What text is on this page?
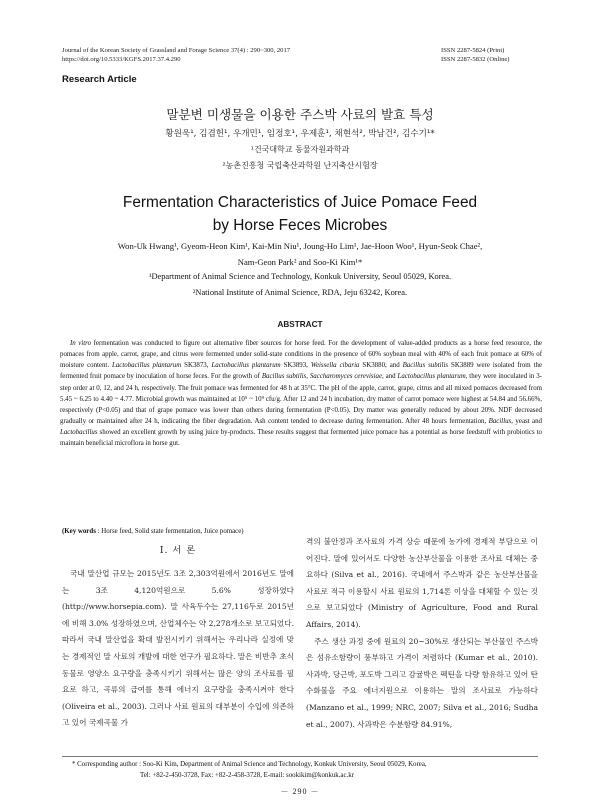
Journal of the Korean Society of Grassland and Forage Science 37(4) : 290~300, 2017
https://doi.org/10.5333/KGFS.2017.37.4.290
ISSN 2287-5824 (Print)
ISSN 2287-5832 (Online)
Research Article
말분변 미생물을 이용한 주스박 사료의 발효 특성
황원욱¹, 김겸헌¹, 우개민¹, 임정호¹, 우제훈¹, 채현석², 박남건², 김수기¹*
¹건국대학교 동물자원과학과
²농촌진흥청 국립축산과학원 난지축산시험장
Fermentation Characteristics of Juice Pomace Feed
by Horse Feces Microbes
Won-Uk Hwang¹, Gyeom-Heon Kim¹, Kai-Min Niu¹, Joung-Ho Lim¹, Jae-Hoon Woo¹, Hyun-Seok Chae²,
Nam-Geon Park² and Soo-Ki Kim¹*
¹Department of Animal Science and Technology, Konkuk University, Seoul 05029, Korea.
²National Institute of Animal Science, RDA, Jeju 63242, Korea.
ABSTRACT

In vitro fermentation was conducted to figure out alternative fiber sources for horse feed. For the development of value-added products as a horse feed resource, the pomaces from apple, carrot, grape, and citrus were fermented under solid-state conditions in the presence of 60% soybean meal with 40% of each fruit pomace at 60% of moisture content. Lactobacillus plantarum SK3873, Lactobacillus plantarum SK3893, Weissella cibaria SK3880, and Bacillus subtilis SK3889 were isolated from the fermented fruit pomace by inoculation of horse feces. For the growth of Bacillus subtilis, Saccharomyces cerevisiae, and Lactobacillus plantarum, they were inoculated in 3-step order at 0, 12, and 24 h, respectively. The fruit pomace was fermented for 48 h at 35°C. The pH of the apple, carrot, grape, citrus and all mixed pomaces decreased from 5.45 ~ 6.25 to 4.40 ~ 4.77. Microbial growth was maintained at 10⁵ ~ 10⁹ cfu/g. After 12 and 24 h incubation, dry matter of carrot pomace were highest at 54.84 and 56.66%, respectively (P<0.05) and that of grape pomace was lower than others during fermentation (P<0.05). Dry matter was generally reduced by about 20%. NDF decreased gradually or maintained after 24 h, indicating the fiber degradation. Ash content tended to decrease during fermentation. After 48 hours fermentation, Bacillus, yeast and Lactobacillus showed an excellent growth by using juice by-products. These results suggest that fermented juice pomace has a potential as horse feedstuff with probiotics to maintain beneficial microflora in horse gut.

(Key words : Horse feed, Solid state fermentation, Juice pomace)
Ⅰ. 서 론

국내 말산업 규모는 2015년도 3조 2,303억원에서 2016년도 말에는 3조 4,120억원으로 5.6% 성장하였다 (http://www.horsepia.com). 말 사육두수는 27,116두로 2015년에 비해 3.0% 성장하였으며, 산업체수는 약 2,278개소로 보고되었다. 따라서 국내 말산업을 확대 발전시키기 위해서는 우리나라 실정에 맞는 경제적인 말 사료의 개발에 대한 연구가 필요하다. 말은 비반추 초식동물로 영양소 요구량을 충족시키기 위해서는 많은 양의 조사료를 필요로 하고, 곡류의 급여를 통해 에너지 요구량을 충족시켜야 한다 (Oliveira et al., 2003). 그러나 사료 원료의 대부분이 수입에 의존하고 있어 국제곡물 가

격의 불안정과 조사료의 가격 상승 때문에 농가에 경제적 부담으로 이어진다. 말에 있어서도 다양한 농산부산물을 이용한 조사료 대체는 중요하다 (Silva et al., 2016). 국내에서 주스박과 같은 농산부산물을 사료로 적극 이용할시 사료 원료의 1,714톤 이상을 대체할 수 있는 것으로 보고되었다 (Ministry of Agriculture, Food and Rural Affairs, 2014).

주스 생산 과정 중에 원료의 20~30%로 생산되는 부산물인 주스박은 섬유소함량이 풍부하고 가격이 저렴하다 (Kumar et al., 2010). 사과박, 당근박, 포도박 그리고 감귤박은 펙틴을 다량 함유하고 있어 탄수화물을 주요 에너지원으로 이용하는 말의 조사료로 가능하다 (Manzano et al., 1999; NRC, 2007; Silva et al., 2016; Sudha et al., 2007). 사과박은 수분함량 84.91%,

* Corresponding author : Soo-Ki Kim, Department of Animal Science and Technology, Konkuk University, Seoul 05029, Korea,
Tel: +82-2-450-3728, Fax: +82-2-458-3728, E-mail: sookikim@konkuk.ac.kr
－ 290 －
